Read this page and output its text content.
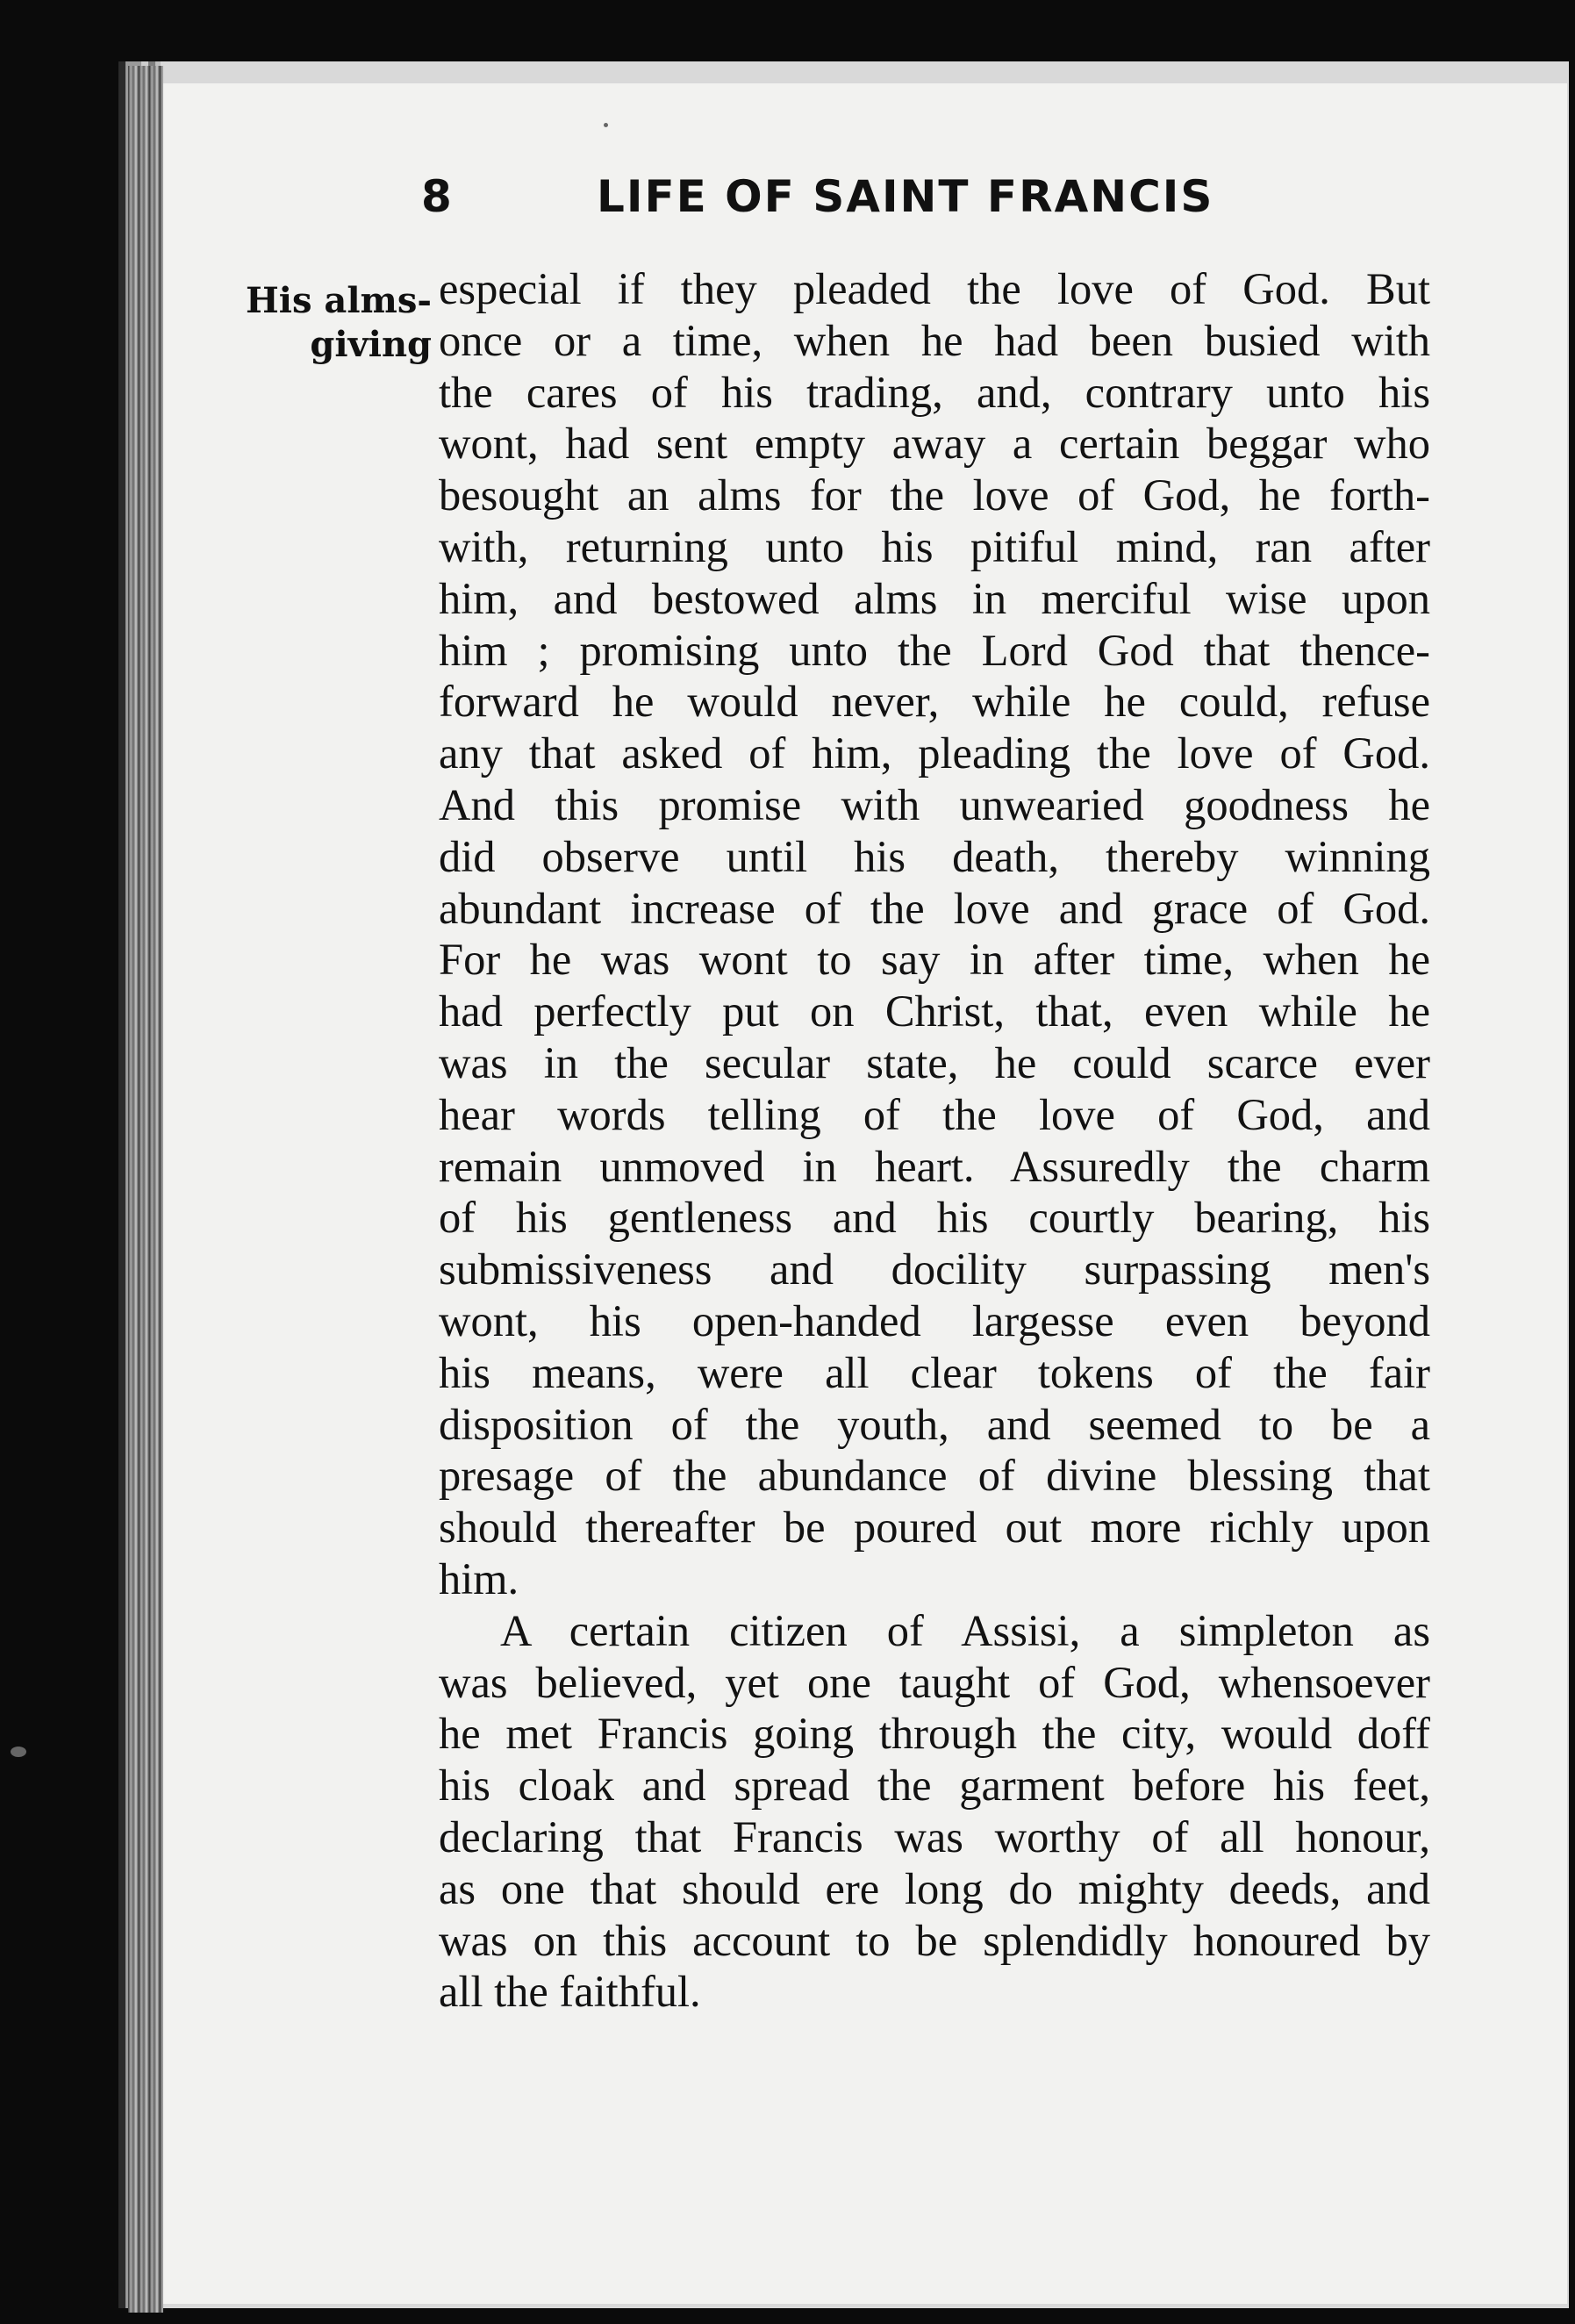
8	LIFE OF SAINT FRANCIS
His alms-
giving

especial if they pleaded the love of God. But
once or a time, when he had been busied with
the cares of his trading, and, contrary unto his
wont, had sent empty away a certain beggar who
besought an alms for the love of God, he forth-
with, returning unto his pitiful mind, ran after
him, and bestowed alms in merciful wise upon
him ; promising unto the Lord God that thence-
forward he would never, while he could, refuse
any that asked of him, pleading the love of God.
And this promise with unwearied goodness he
did observe until his death, thereby winning
abundant increase of the love and grace of God.
For he was wont to say in after time, when he
had perfectly put on Christ, that, even while he
was in the secular state, he could scarce ever
hear words telling of the love of God, and
remain unmoved in heart. Assuredly the charm
of his gentleness and his courtly bearing, his
submissiveness and docility surpassing men's
wont, his open-handed largesse even beyond
his means, were all clear tokens of the fair
disposition of the youth, and seemed to be a
presage of the abundance of divine blessing that
should thereafter be poured out more richly upon
him.

A certain citizen of Assisi, a simpleton as
was believed, yet one taught of God, whensoever
he met Francis going through the city, would doff
his cloak and spread the garment before his feet,
declaring that Francis was worthy of all honour,
as one that should ere long do mighty deeds, and
was on this account to be splendidly honoured by
all the faithful.
